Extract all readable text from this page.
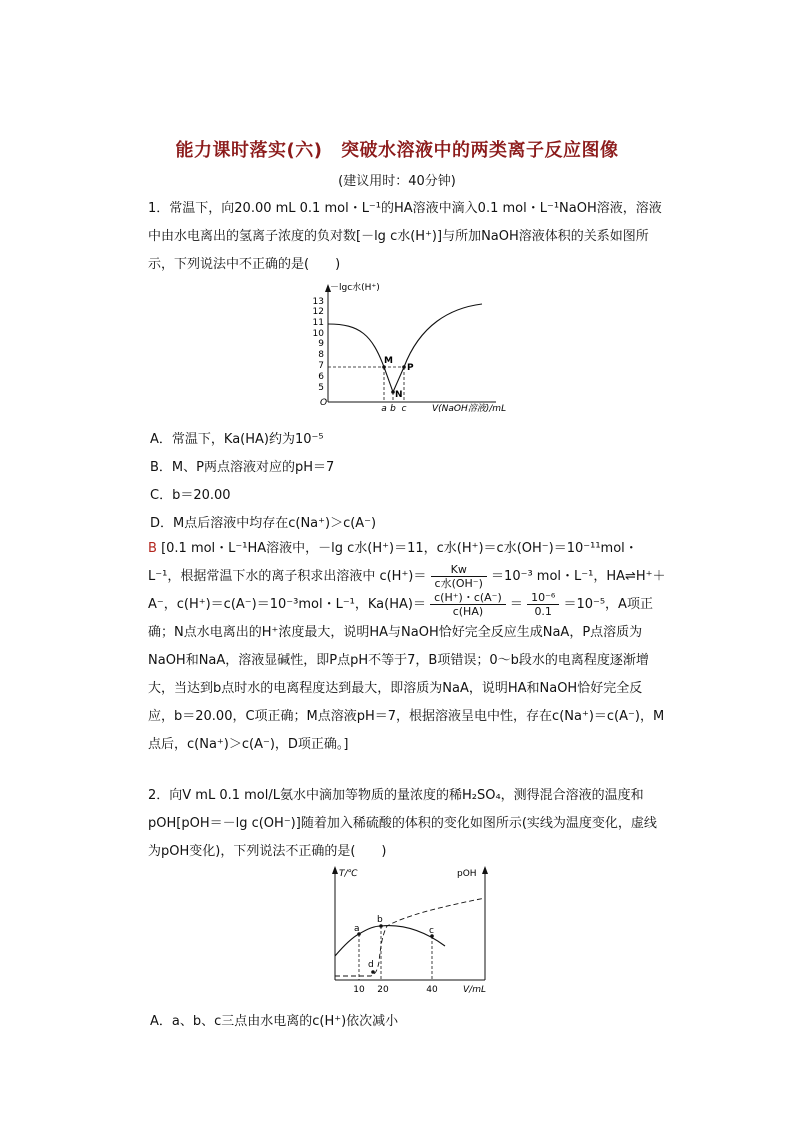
能力课时落实(六)　突破水溶液中的两类离子反应图像
(建议用时：40分钟)
1．常温下，向20.00 mL 0.1 mol・L⁻¹的HA溶液中滴入0.1 mol・L⁻¹NaOH溶液，溶液中由水电离出的氢离子浓度的负对数[－lg c水(H⁺)]与所加NaOH溶液体积的关系如图所示，下列说法中不正确的是(　　)
－lgc水(H⁺)
13
12
11
10
9
8
7
6
5
O
M
N
P
a b c	V(NaOH溶液)/mL
A．常温下，Ka(HA)约为10⁻⁵
B．M、P两点溶液对应的pH＝7
C．b＝20.00
D．M点后溶液中均存在c(Na⁺)＞c(A⁻)
B [0.1 mol・L⁻¹HA溶液中，－lg c水(H⁺)＝11，c水(H⁺)＝c水(OH⁻)＝10⁻¹¹mol・L⁻¹，根据常温下水的离子积求出溶液中 $c(H^+)= \frac{Kw}{\text{c水(OH⁻)}} =10^{-3}$ mol・L⁻¹，HA⇌H⁺＋A⁻，c(H⁺)＝c(A⁻)＝10⁻³mol・L⁻¹，$Ka(HA)= \frac{c(H^+)・c(A^-)}{c(HA)} = \frac{\text{10⁻⁶}}{0.1} =10^{-5}$，A项正确；N点水电离出的H⁺浓度最大，说明HA与NaOH恰好完全反应生成NaA，P点溶质为NaOH和NaA，溶液显碱性，即P点pH不等于7，B项错误；0～b段水的电离程度逐渐增大，当达到b点时水的电离程度达到最大，即溶质为NaA，说明HA和NaOH恰好完全反应，b＝20.00，C项正确；M点溶液pH＝7，根据溶液呈电中性，存在c(Na⁺)＝c(A⁻)，M点后，c(Na⁺)＞c(A⁻)，D项正确。]
2．向V mL 0.1 mol/L氨水中滴加等物质的量浓度的稀H₂SO₄，测得混合溶液的温度和pOH[pOH＝－lg c(OH⁻)]随着加入稀硫酸的体积的变化如图所示(实线为温度变化，虚线为pOH变化)，下列说法不正确的是(　　)
T/℃	pOH
a
b
c
d
10 20	40	V/mL
A．a、b、c三点由水电离的c(H⁺)依次减小
